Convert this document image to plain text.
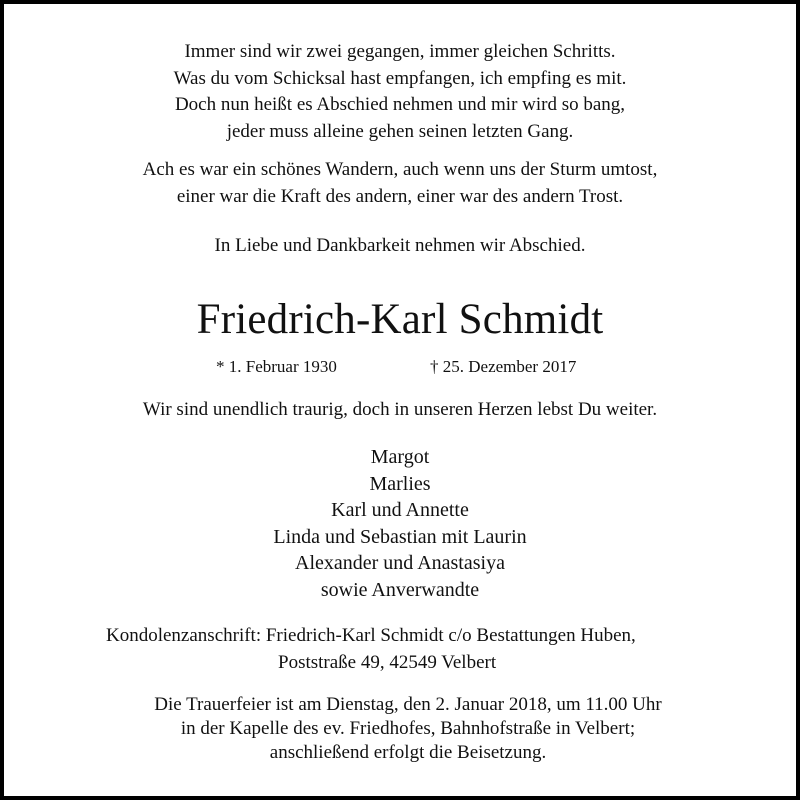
Immer sind wir zwei gegangen, immer gleichen Schritts.
Was du vom Schicksal hast empfangen, ich empfing es mit.
Doch nun heißt es Abschied nehmen und mir wird so bang,
jeder muss alleine gehen seinen letzten Gang.
Ach es war ein schönes Wandern, auch wenn uns der Sturm umtost,
einer war die Kraft des andern, einer war des andern Trost.
In Liebe und Dankbarkeit nehmen wir Abschied.
Friedrich-Karl Schmidt
* 1. Februar 1930	† 25. Dezember 2017
Wir sind unendlich traurig, doch in unseren Herzen lebst Du weiter.
Margot
Marlies
Karl und Annette
Linda und Sebastian mit Laurin
Alexander und Anastasiya
sowie Anverwandte
Kondolenzanschrift: Friedrich-Karl Schmidt c/o Bestattungen Huben,
Poststraße 49, 42549 Velbert
Die Trauerfeier ist am Dienstag, den 2. Januar 2018, um 11.00 Uhr
in der Kapelle des ev. Friedhofes, Bahnhofstraße in Velbert;
anschließend erfolgt die Beisetzung.
